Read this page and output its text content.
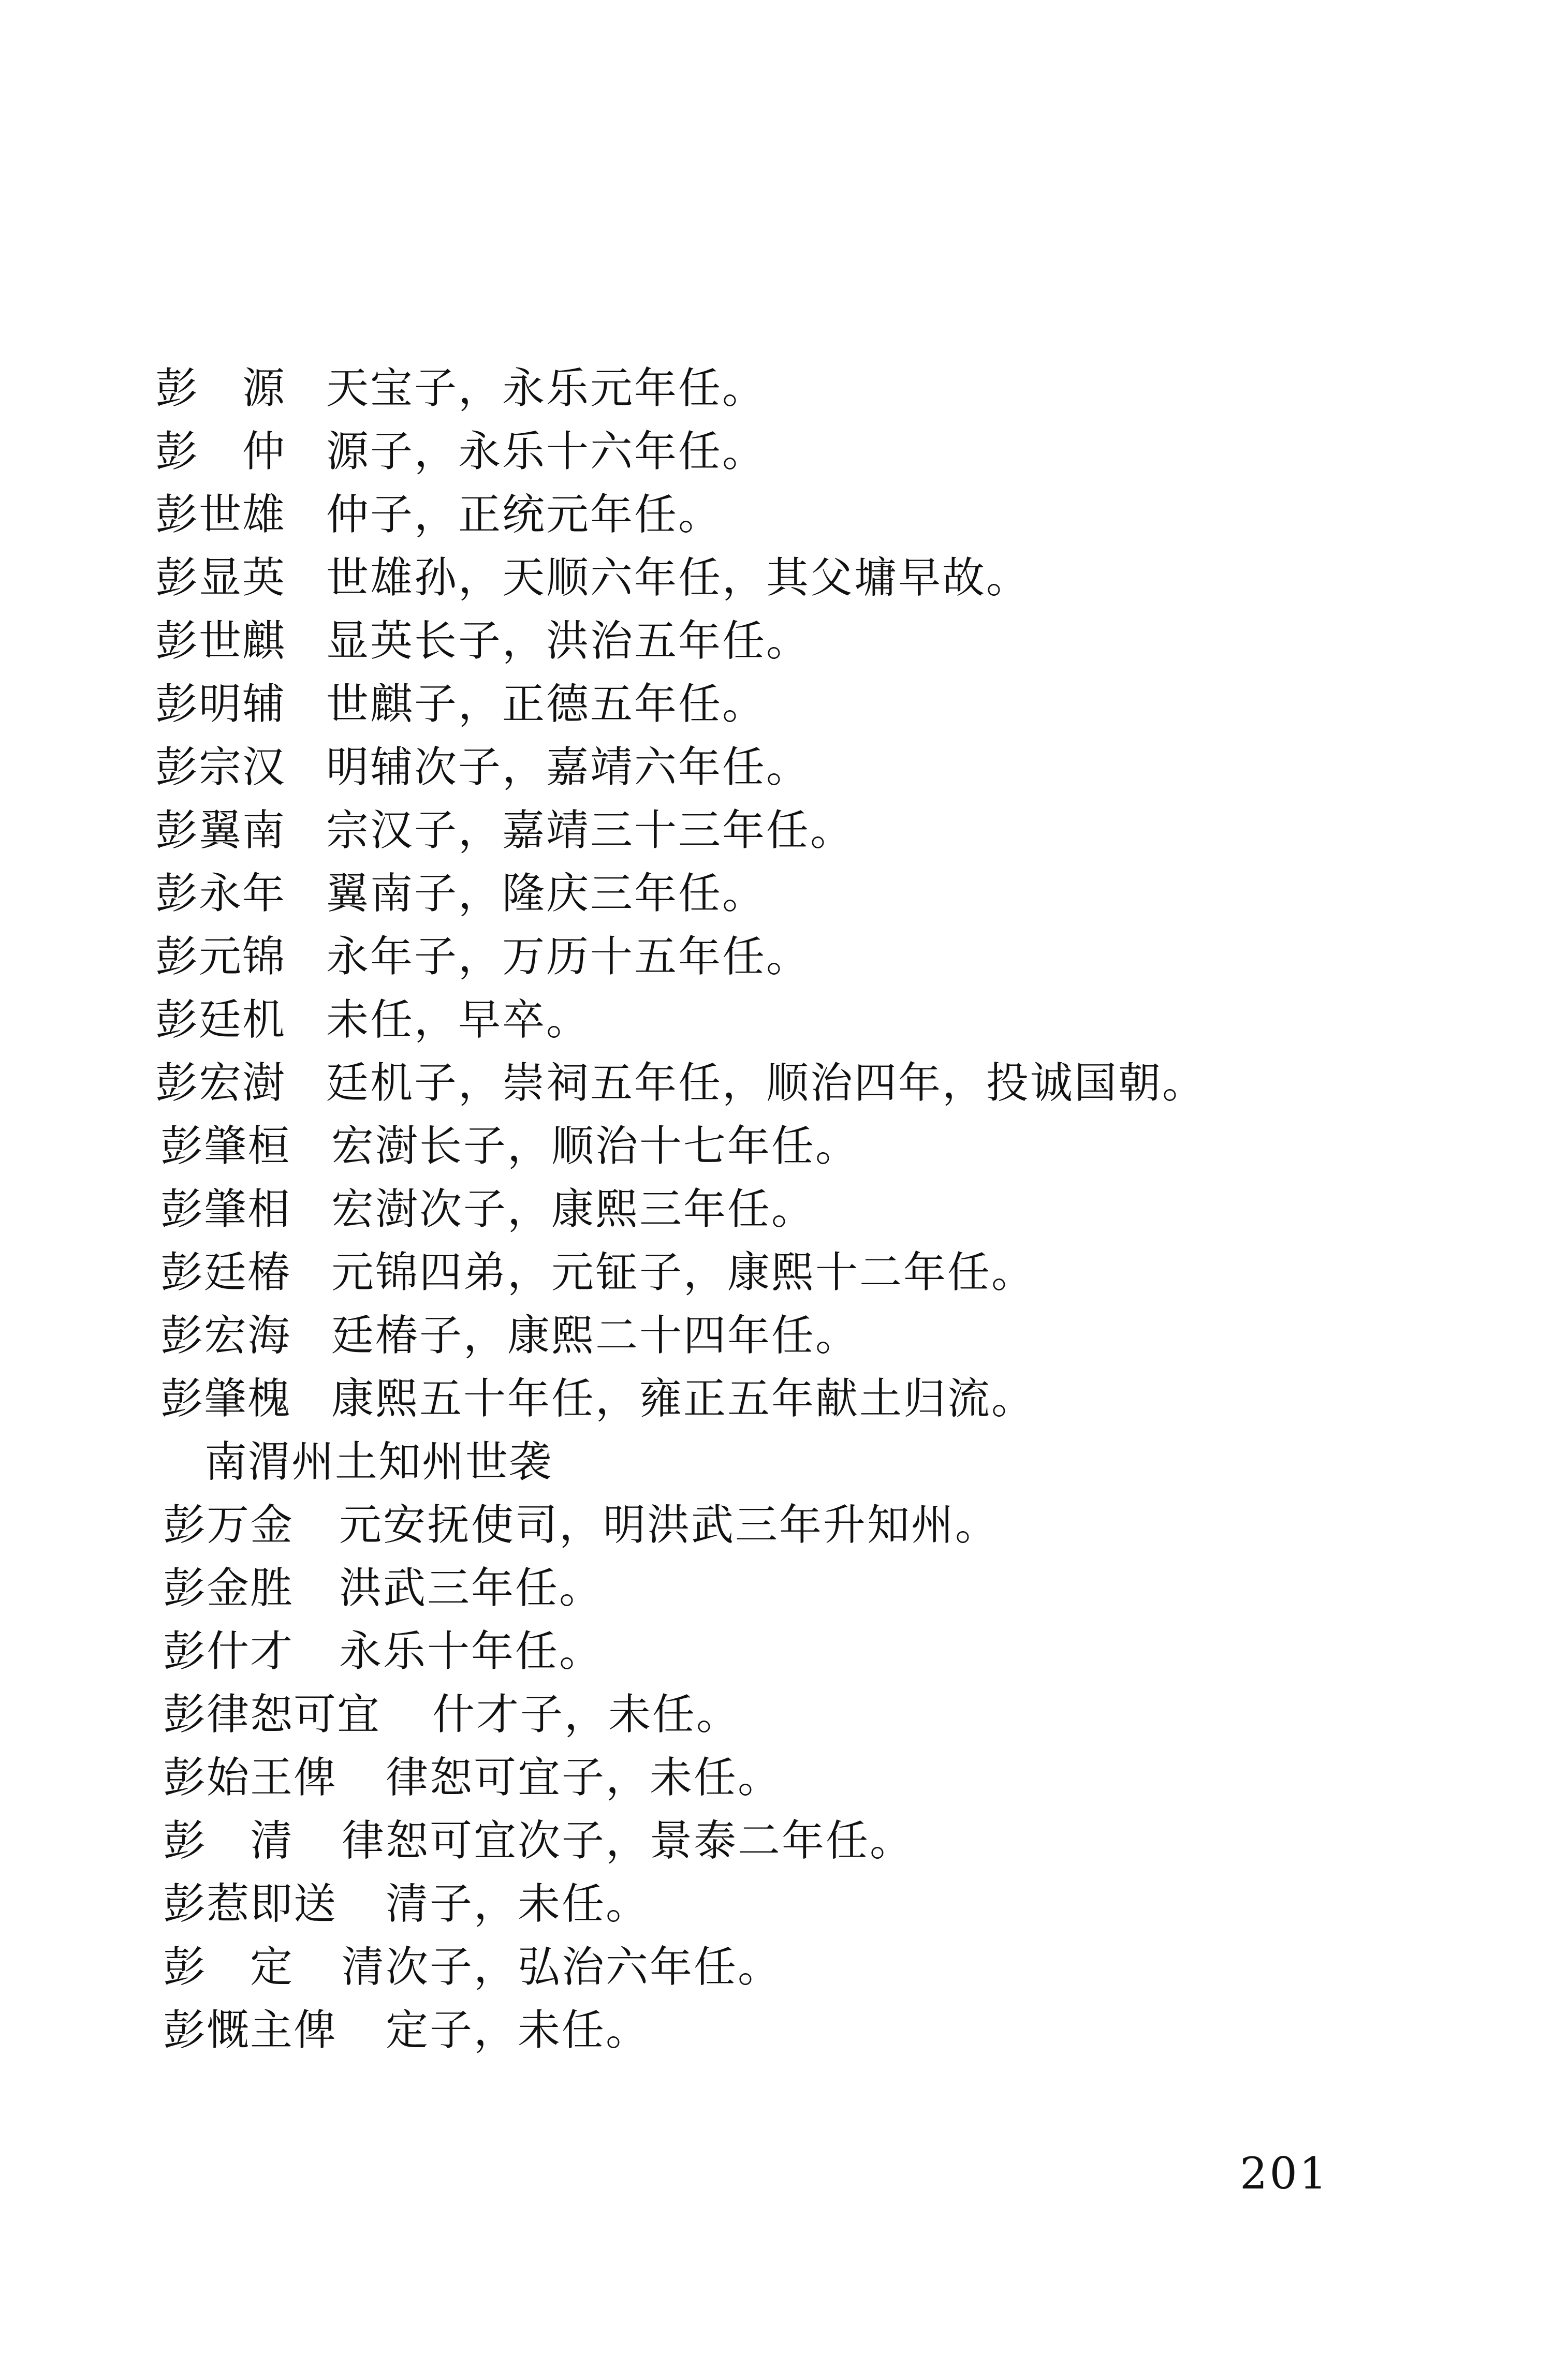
彭　源 天宝子，永乐元年任。
彭　仲 源子，永乐十六年任。
彭世雄 仲子，正统元年任。
彭显英 世雄孙，天顺六年任，其父墉早故。
彭世麒 显英长子，洪治五年任。
彭明辅 世麒子，正德五年任。
彭宗汉 明辅次子，嘉靖六年任。
彭翼南 宗汉子，嘉靖三十三年任。
彭永年 翼南子，隆庆三年任。
彭元锦 永年子，万历十五年任。
彭廷机 未任，早卒。
彭宏澍 廷机子，崇祠五年任，顺治四年，投诚国朝。
彭肇桓 宏澍长子，顺治十七年任。
彭肇相 宏澍次子，康熙三年任。
彭廷椿 元锦四弟，元钲子，康熙十二年任。
彭宏海 廷椿子，康熙二十四年任。
彭肇槐 康熙五十年任，雍正五年献土归流。
南渭州土知州世袭
彭万金	元安抚使司，明洪武三年升知州。
彭金胜	洪武三年任。
彭什才	永乐十年任。
彭律恕可宜	什才子，未任。
彭始王俾	律恕可宜子，未任。
彭　清	律恕可宜次子，景泰二年任。
彭惹即送	清子，未任。
彭　定	清次子，弘治六年任。
彭慨主俾	定子，未任。
201
